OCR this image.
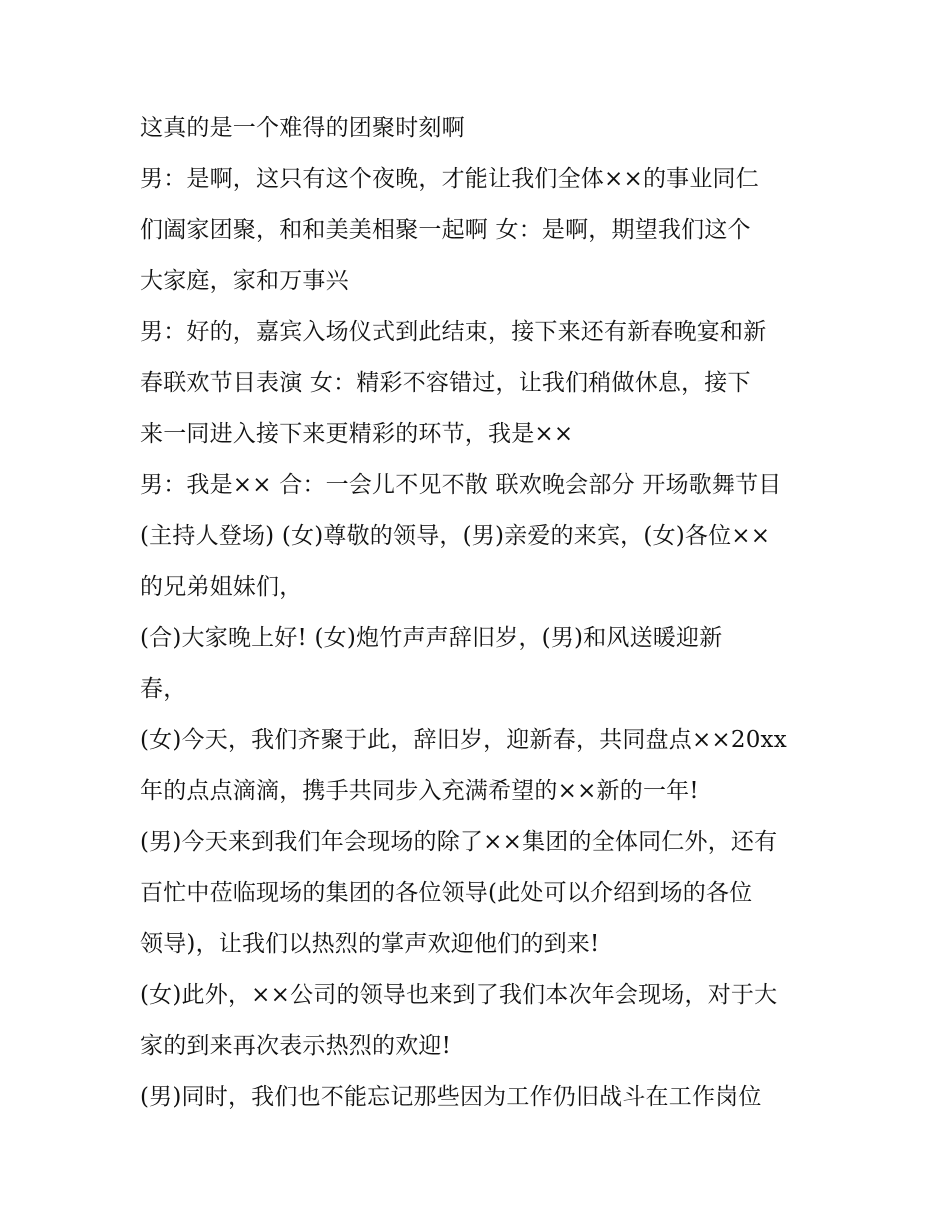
这真的是一个难得的团聚时刻啊
男：是啊，这只有这个夜晚，才能让我们全体××的事业同仁
们阖家团聚，和和美美相聚一起啊 女：是啊，期望我们这个
大家庭，家和万事兴
男：好的，嘉宾入场仪式到此结束，接下来还有新春晚宴和新
春联欢节目表演 女：精彩不容错过，让我们稍做休息，接下
来一同进入接下来更精彩的环节，我是××
男：我是×× 合：一会儿不见不散 联欢晚会部分 开场歌舞节目
(主持人登场) (女)尊敬的领导，(男)亲爱的来宾，(女)各位××
的兄弟姐妹们，
(合)大家晚上好! (女)炮竹声声辞旧岁，(男)和风送暖迎新
春，
(女)今天，我们齐聚于此，辞旧岁，迎新春，共同盘点××20xx
年的点点滴滴，携手共同步入充满希望的××新的一年!
(男)今天来到我们年会现场的除了××集团的全体同仁外，还有
百忙中莅临现场的集团的各位领导(此处可以介绍到场的各位
领导)，让我们以热烈的掌声欢迎他们的到来!
(女)此外，××公司的领导也来到了我们本次年会现场，对于大
家的到来再次表示热烈的欢迎!
(男)同时，我们也不能忘记那些因为工作仍旧战斗在工作岗位
